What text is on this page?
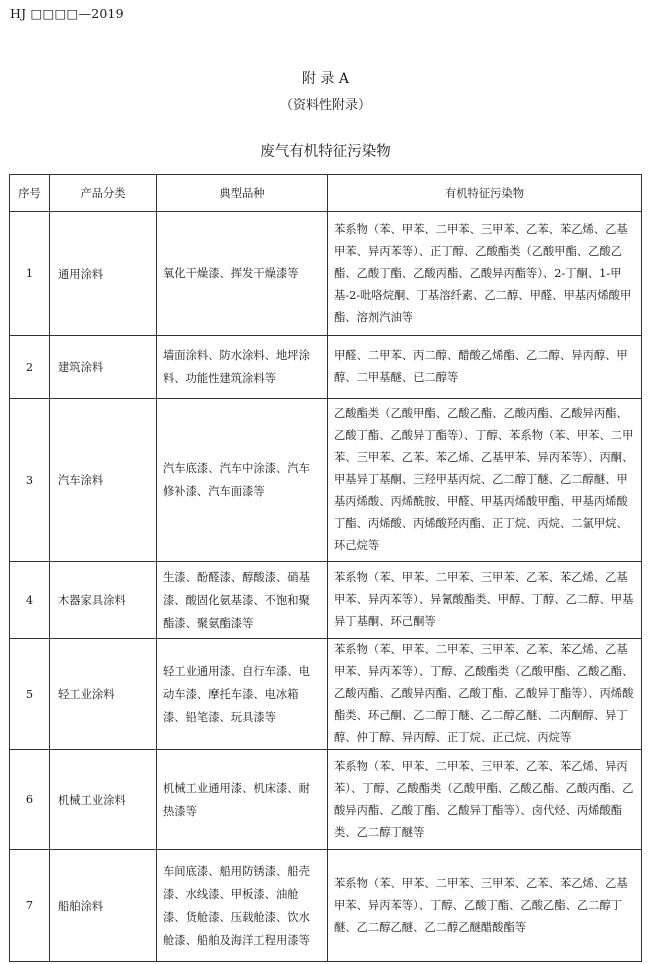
HJ □□□□—2019
附 录 A
（资料性附录）
废气有机特征污染物
序号	产品分类	典型品种	有机特征污染物
1	通用涂料	氧化干燥漆、挥发干燥漆等	苯系物（苯、甲苯、二甲苯、三甲苯、乙苯、苯乙烯、乙基甲苯、异丙苯等）、正丁醇、乙酸酯类（乙酸甲酯、乙酸乙酯、乙酸丁酯、乙酸丙酯、乙酸异丙酯等）、2-丁酮、1-甲基-2-吡咯烷酮、丁基溶纤素、乙二醇、甲醛、甲基丙烯酸甲酯、溶剂汽油等
2	建筑涂料	墙面涂料、防水涂料、地坪涂料、功能性建筑涂料等	甲醛、二甲苯、丙二醇、醋酸乙烯酯、乙二醇、异丙醇、甲醇、二甲基醚、已二醇等
3	汽车涂料	汽车底漆、汽车中涂漆、汽车修补漆、汽车面漆等	乙酸酯类（乙酸甲酯、乙酸乙酯、乙酸丙酯、乙酸异丙酯、乙酸丁酯、乙酸异丁酯等）、丁醇、苯系物（苯、甲苯、二甲苯、三甲苯、乙苯、苯乙烯、乙基甲苯、异丙苯等）、丙酮、甲基异丁基酮、三羟甲基丙烷、乙二醇丁醚、乙二醇醚、甲基丙烯酸、丙烯酰胺、甲醛、甲基丙烯酸甲酯、甲基丙烯酸丁酯、丙烯酸、丙烯酸羟丙酯、正丁烷、丙烷、二氯甲烷、环己烷等
4	木器家具涂料	生漆、酚醛漆、醇酸漆、硝基漆、酸固化氨基漆、不饱和聚酯漆、聚氨酯漆等	苯系物（苯、甲苯、二甲苯、三甲苯、乙苯、苯乙烯、乙基甲苯、异丙苯等）、异氰酸酯类、甲醇、丁醇、乙二醇、甲基异丁基酮、环己酮等
5	轻工业涂料	轻工业通用漆、自行车漆、电动车漆、摩托车漆、电冰箱漆、铅笔漆、玩具漆等	苯系物（苯、甲苯、二甲苯、三甲苯、乙苯、苯乙烯、乙基甲苯、异丙苯等）、丁醇、乙酸酯类（乙酸甲酯、乙酸乙酯、乙酸丙酯、乙酸异丙酯、乙酸丁酯、乙酸异丁酯等）、丙烯酸酯类、环己酮、乙二醇丁醚、乙二醇乙醚、二丙酮醇、异丁醇、仲丁醇、异丙醇、正丁烷、正己烷、丙烷等
6	机械工业涂料	机械工业通用漆、机床漆、耐热漆等	苯系物（苯、甲苯、二甲苯、三甲苯、乙苯、苯乙烯、异丙苯）、丁醇、乙酸酯类（乙酸甲酯、乙酸乙酯、乙酸丙酯、乙酸异丙酯、乙酸丁酯、乙酸异丁酯等）、卤代烃、丙烯酸酯类、乙二醇丁醚等
7	船舶涂料	车间底漆、船用防锈漆、船壳漆、水线漆、甲板漆、油舱漆、货舱漆、压载舱漆、饮水舱漆、船舶及海洋工程用漆等	苯系物（苯、甲苯、二甲苯、三甲苯、乙苯、苯乙烯、乙基甲苯、异丙苯等）、丁醇、乙酸丁酯、乙酸乙酯、乙二醇丁醚、乙二醇乙醚、乙二醇乙醚醋酸酯等
